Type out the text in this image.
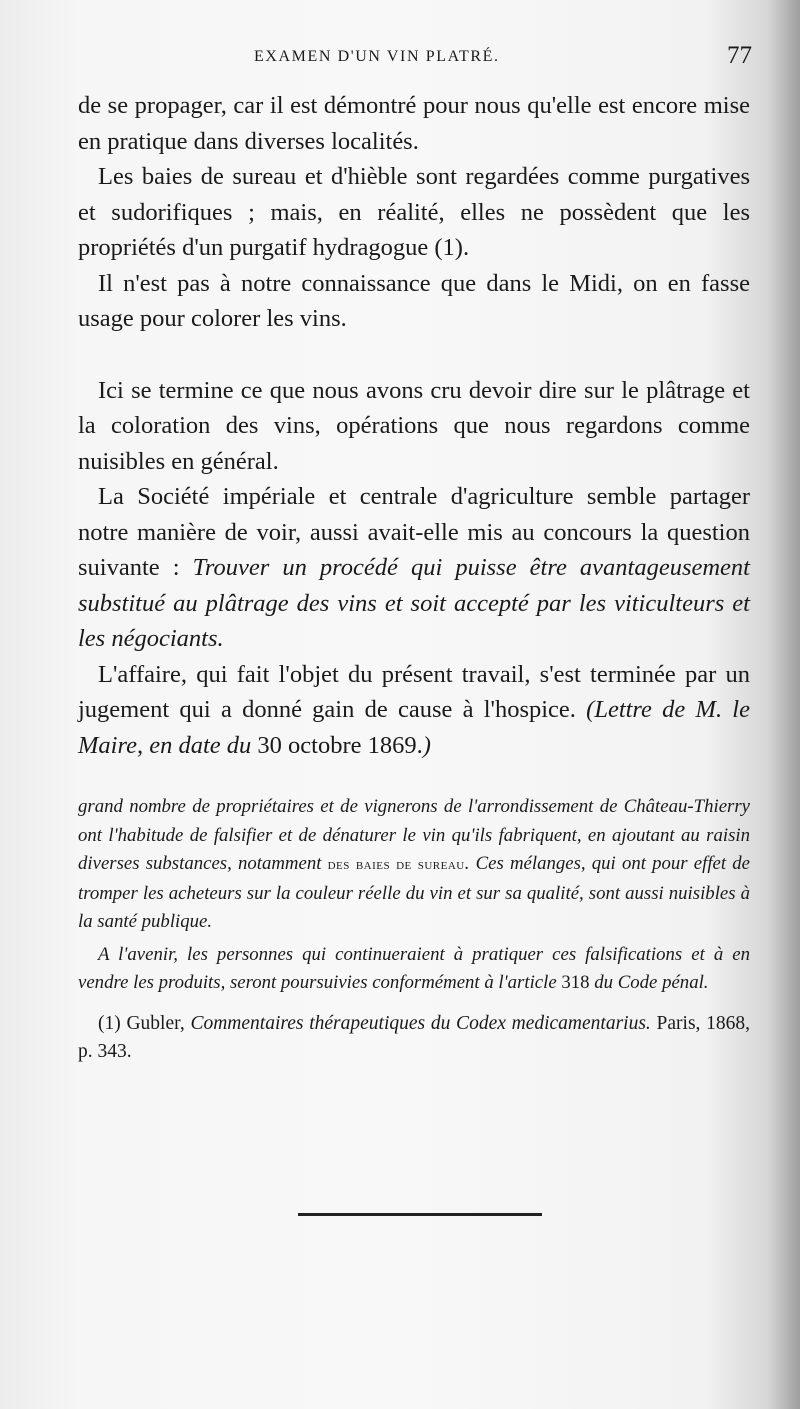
EXAMEN D'UN VIN PLATRÉ.	77

de se propager, car il est démontré pour nous qu'elle est encore mise en pratique dans diverses localités.

Les baies de sureau et d'hièble sont regardées comme purgatives et sudorifiques ; mais, en réalité, elles ne possèdent que les propriétés d'un purgatif hydragogue (1).

Il n'est pas à notre connaissance que dans le Midi, on en fasse usage pour colorer les vins.

Ici se termine ce que nous avons cru devoir dire sur le plâtrage et la coloration des vins, opérations que nous regardons comme nuisibles en général.

La Société impériale et centrale d'agriculture semble partager notre manière de voir, aussi avait-elle mis au concours la question suivante : Trouver un procédé qui puisse être avantageusement substitué au plâtrage des vins et soit accepté par les viticulteurs et les négociants.

L'affaire, qui fait l'objet du présent travail, s'est terminée par un jugement qui a donné gain de cause à l'hospice. (Lettre de M. le Maire, en date du 30 octobre 1869.)

grand nombre de propriétaires et de vignerons de l'arrondissement de Château-Thierry ont l'habitude de falsifier et de dénaturer le vin qu'ils fabriquent, en ajoutant au raisin diverses substances, notamment des baies de sureau. Ces mélanges, qui ont pour effet de tromper les acheteurs sur la couleur réelle du vin et sur sa qualité, sont aussi nuisibles à la santé publique.

A l'avenir, les personnes qui continueraient à pratiquer ces falsifications et à en vendre les produits, seront poursuivies conformément à l'article 318 du Code pénal.

(1) Gubler, Commentaires thérapeutiques du Codex medicamentarius. Paris, 1868, p. 343.
